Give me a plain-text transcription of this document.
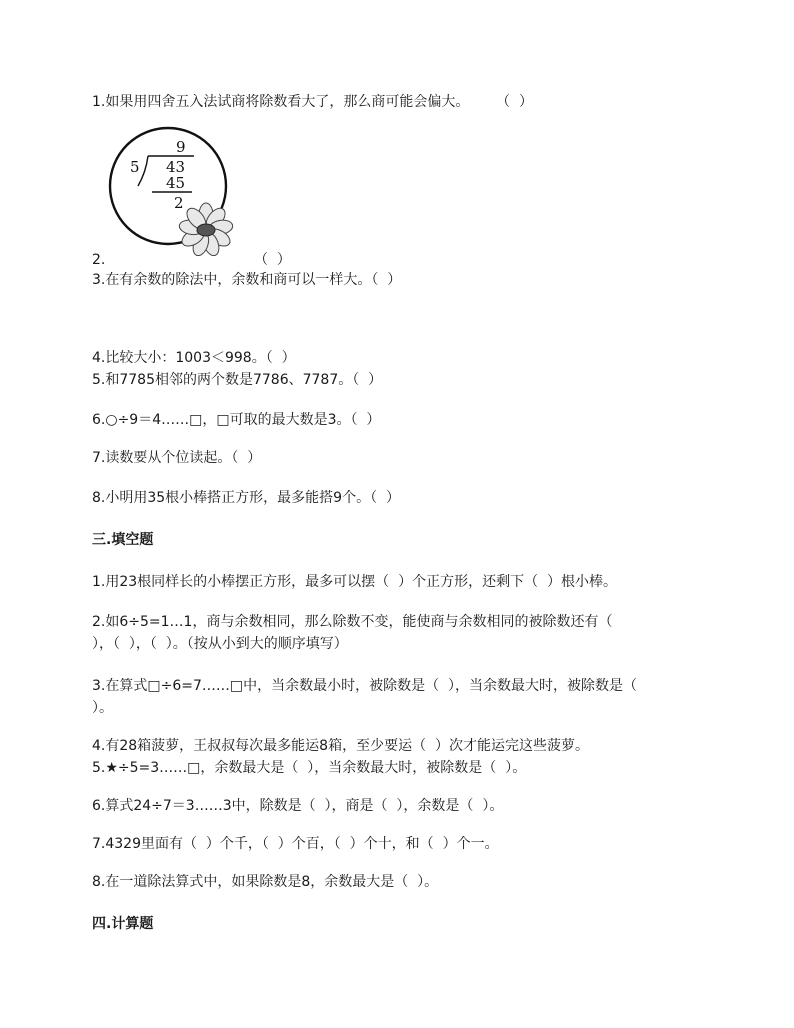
1.如果用四舍五入法试商将除数看大了，那么商可能会偏大。      （  ）
9
5 43
45
2
2.	（  ）
3.在有余数的除法中，余数和商可以一样大。（  ）
4.比较大小：1003＜998。（  ）
5.和7785相邻的两个数是7786、7787。（  ）
6.○÷9＝4……□，□可取的最大数是3。（  ）
7.读数要从个位读起。（  ）
8.小明用35根小棒搭正方形，最多能搭9个。（  ）
三.填空题
1.用23根同样长的小棒摆正方形，最多可以摆（  ）个正方形，还剩下（  ）根小棒。
2.如6÷5=1…1，商与余数相同，那么除数不变，能使商与余数相同的被除数还有（
），（  ），（  ）。（按从小到大的顺序填写）
3.在算式□÷6=7……□中，当余数最小时，被除数是（  ），当余数最大时，被除数是（
）。
4.有28箱菠萝，王叔叔每次最多能运8箱，至少要运（  ）次才能运完这些菠萝。
5.★÷5=3……□，余数最大是（  ），当余数最大时，被除数是（  ）。
6.算式24÷7＝3……3中，除数是（  ），商是（  ），余数是（  ）。
7.4329里面有（  ）个千，（  ）个百，（  ）个十，和（  ）个一。
8.在一道除法算式中，如果除数是8，余数最大是（  ）。
四.计算题
